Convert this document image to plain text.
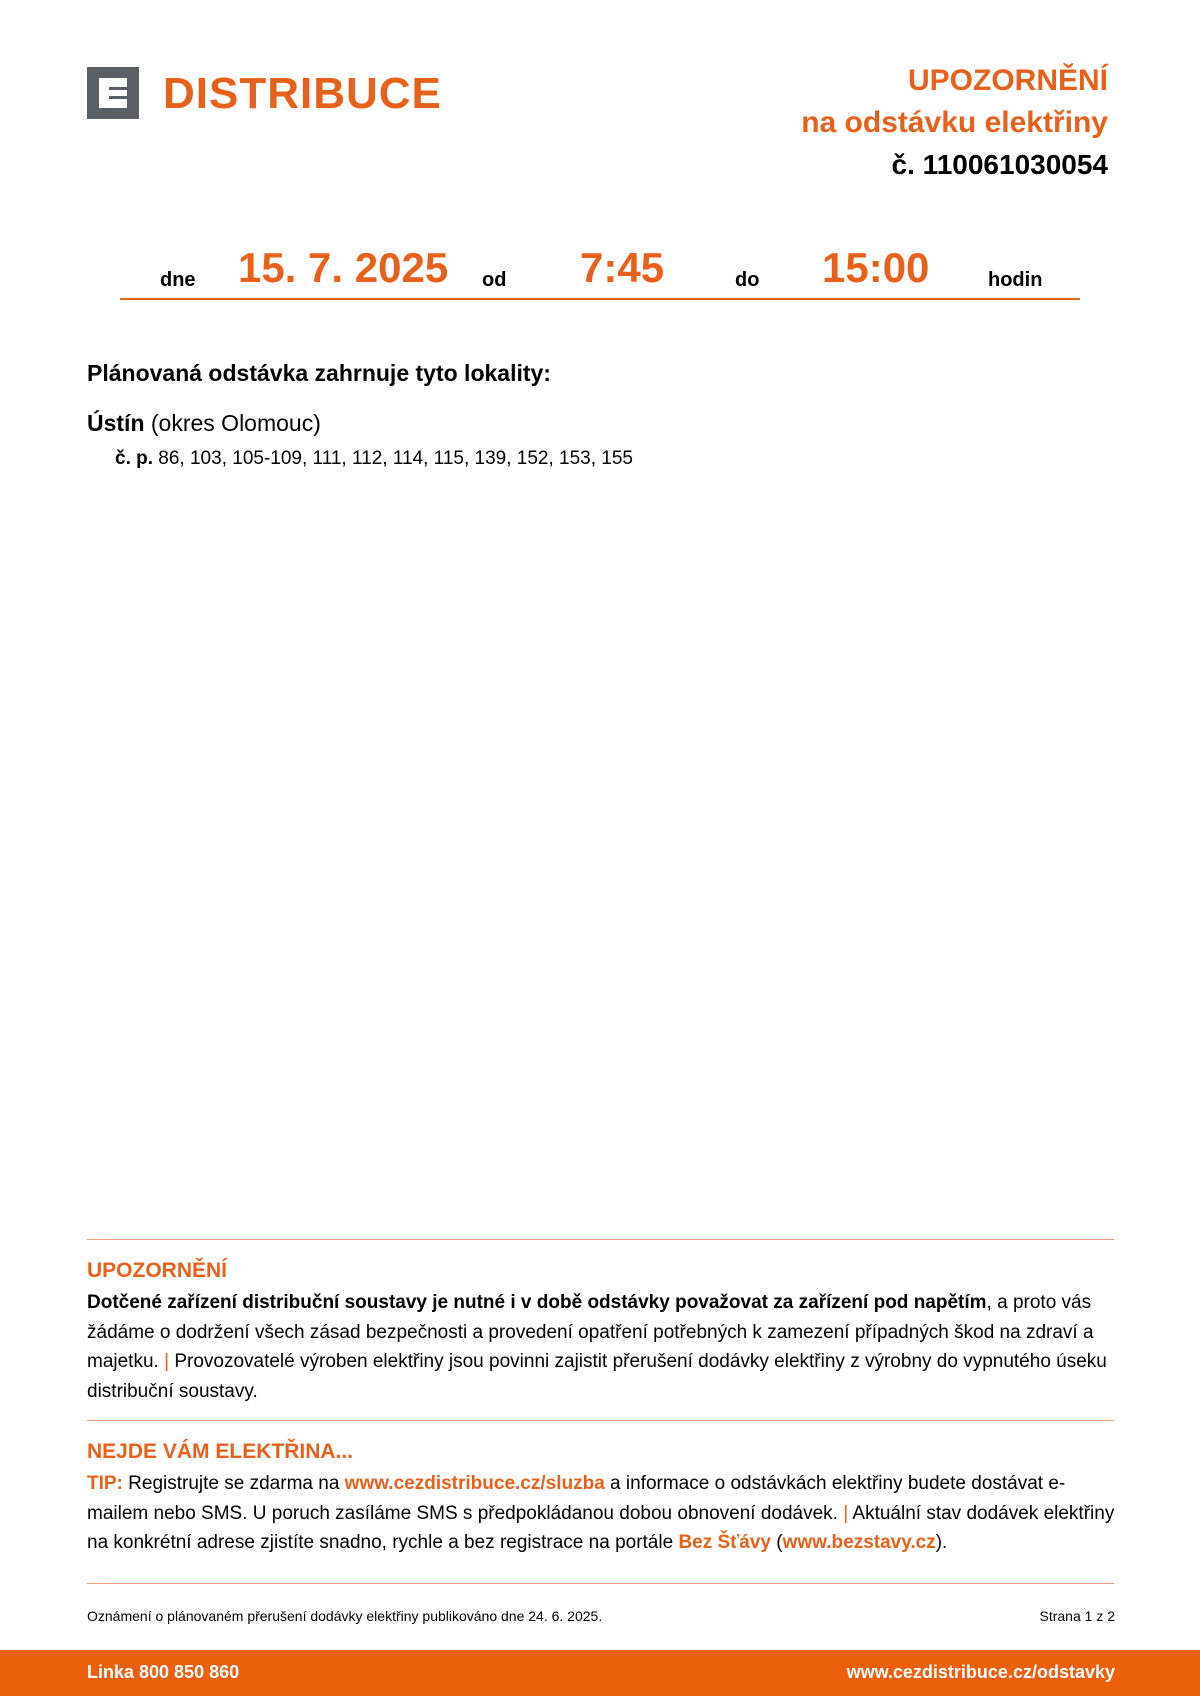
DISTRIBUCE	UPOZORNĚNÍ
na odstávku elektřiny
č. 110061030054
dne 15. 7. 2025 od 7:45	do 15:00	hodin
Plánovaná odstávka zahrnuje tyto lokality:
Ústín (okres Olomouc)
č. p. 86, 103, 105-109, 111, 112, 114, 115, 139, 152, 153, 155
UPOZORNĚNÍ
Dotčené zařízení distribuční soustavy je nutné i v době odstávky považovat za zařízení pod napětím, a proto vás žádáme o dodržení všech zásad bezpečnosti a provedení opatření potřebných k zamezení případných škod na zdraví a majetku. | Provozovatelé výroben elektřiny jsou povinni zajistit přerušení dodávky elektřiny z výrobny do vypnutého úseku distribuční soustavy.
NEJDE VÁM ELEKTŘINA...
TIP: Registrujte se zdarma na www.cezdistribuce.cz/sluzba a informace o odstávkách elektřiny budete dostávat e-mailem nebo SMS. U poruch zasíláme SMS s předpokládanou dobou obnovení dodávek. | Aktuální stav dodávek elektřiny na konkrétní adrese zjistíte snadno, rychle a bez registrace na portále Bez Šťávy (www.bezstavy.cz).
Oznámení o plánovaném přerušení dodávky elektřiny publikováno dne 24. 6. 2025.	Strana 1 z 2
Linka 800 850 860	www.cezdistribuce.cz/odstavky
